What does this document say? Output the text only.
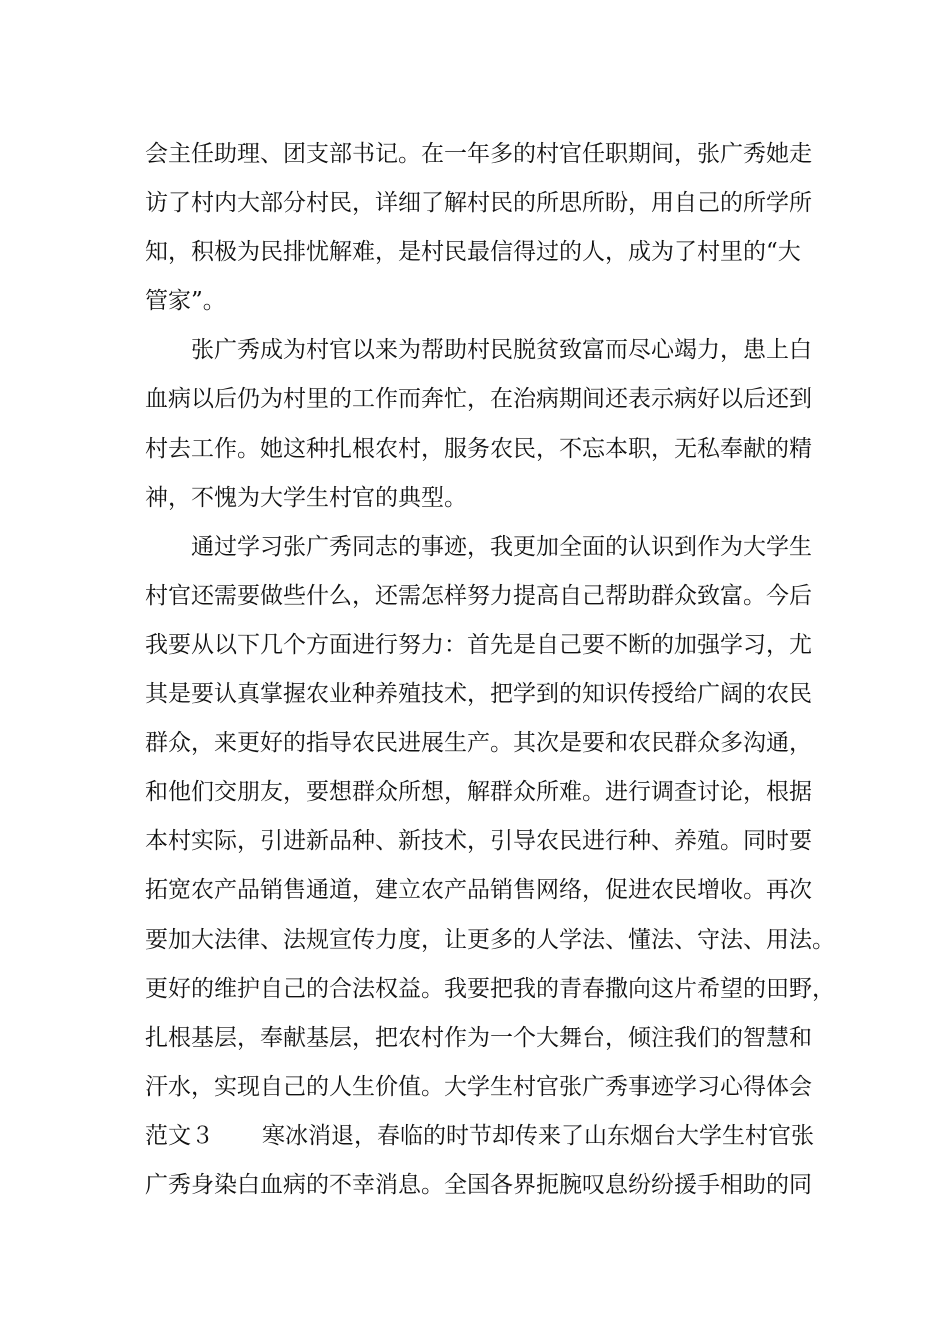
会主任助理、团支部书记。在一年多的村官任职期间，张广秀她走
访了村内大部分村民，详细了解村民的所思所盼，用自己的所学所
知，积极为民排忧解难，是村民最信得过的人，成为了村里的“大
管家”。
张广秀成为村官以来为帮助村民脱贫致富而尽心竭力，患上白
血病以后仍为村里的工作而奔忙，在治病期间还表示病好以后还到
村去工作。她这种扎根农村，服务农民，不忘本职，无私奉献的精
神，不愧为大学生村官的典型。
通过学习张广秀同志的事迹，我更加全面的认识到作为大学生
村官还需要做些什么，还需怎样努力提高自己帮助群众致富。今后
我要从以下几个方面进行努力：首先是自己要不断的加强学习，尤
其是要认真掌握农业种养殖技术，把学到的知识传授给广阔的农民
群众，来更好的指导农民进展生产。其次是要和农民群众多沟通，
和他们交朋友，要想群众所想，解群众所难。进行调查讨论，根据
本村实际，引进新品种、新技术，引导农民进行种、养殖。同时要
拓宽农产品销售通道，建立农产品销售网络，促进农民增收。再次
要加大法律、法规宣传力度，让更多的人学法、懂法、守法、用法。
更好的维护自己的合法权益。我要把我的青春撒向这片希望的田野，
扎根基层，奉献基层，把农村作为一个大舞台，倾注我们的智慧和
汗水，实现自己的人生价值。大学生村官张广秀事迹学习心得体会
范文３ 寒冰消退，春临的时节却传来了山东烟台大学生村官张
广秀身染白血病的不幸消息。全国各界扼腕叹息纷纷援手相助的同
